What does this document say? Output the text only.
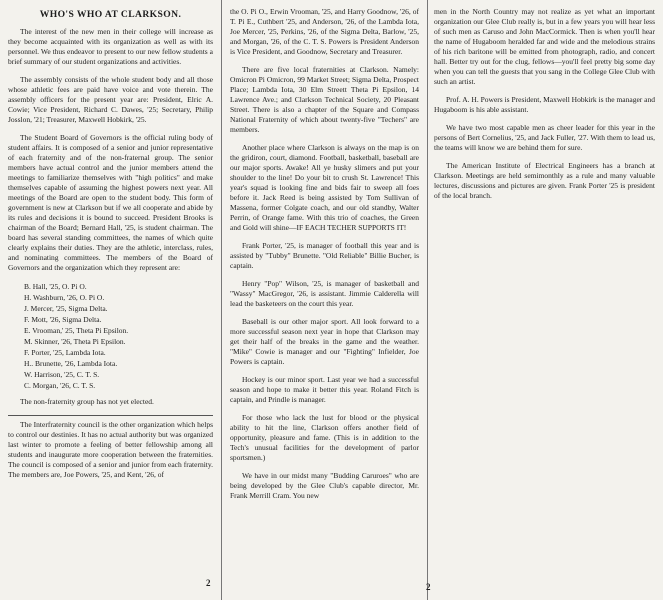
WHO'S WHO AT CLARKSON.

The interest of the new men in their college will increase as they become acquainted with its organization as well as with its personnel. We thus endeavor to present to our new fellow students a brief summary of our student organizations and activities.

The assembly consists of the whole student body and all those whose athletic fees are paid have voice and vote therein. The assembly officers for the present year are: President, Elric A. Cowie; Vice President, Richard C. Dawes, '25; Secretary, Philip Josslon, '21; Treasurer, Maxwell Hobkirk, '25.

The Student Board of Governors is the official ruling body of student affairs. It is composed of a senior and junior representative of each fraternity and of the non-fraternal group. The senior members have actual control and the junior members attend the meetings to familiarize themselves with "high politics" and make themselves capable of assuming the highest powers next year. All meetings of the Board are open to the student body. This form of government is new at Clarkson but if we all cooperate and abide by its rules and decisions it is bound to succeed. President Brooks is chairman of the Board; Bernard Hall, '25, is student chairman. The board has several standing committees, the names of which quite clearly explains their duties. They are the athletic, interclass, rules, and nominating committees. The members of the Board of Governors and the organization which they represent are:

B. Hall, '25, O. Pi O.
H. Washburn, '26, O. Pi O.
J. Mercer, '25, Sigma Delta.
F. Mott, '26, Sigma Delta.
E. Vrooman,' 25, Theta Pi Epsilon.
M. Skinner, '26, Theta Pi Epsilon.
F. Porter, '25, Lambda Iota.
H.. Brunette, '26, Lambda Iota.
W. Harrison, '25, C. T. S.
C. Morgan, '26, C. T. S.

The non-fraternity group has not yet elected.

The Interfraternity council is the other organization which helps to control our destinies. It has no actual authority but was organized last winter to promote a feeling of better fellowship among all students and inaugurate more cooperation between the fraternities. The council is composed of a senior and junior from each fraternity. The members are, Joe Powers, '25, and Kent, '26, of

the O. Pi O., Erwin Vrooman, '25, and Harry Goodnow, '26, of T. Pi E., Cuthbert '25, and Anderson, '26, of the Lambda Iota, Joe Mercer, '25, Perkins, '26, of the Sigma Delta, Barlow, '25, and Morgan, '26, of the C. T. S. Powers is President Anderson is Vice President, and Goodnow, Secretary and Treasurer.

There are five local fraternities at Clarkson. Namely: Omicron Pi Omicron, 99 Market Street; Sigma Delta, Prospect Place; Lambda Iota, 30 Elm Streett Theta Pi Epsilon, 14 Lawrence Ave.; and Clarkson Technical Society, 20 Pleasant Street. There is also a chapter of the Square and Compass National Fraternity of which about twenty-five "Techers" are members.

Another place where Clarkson is always on the map is on the gridiron, court, diamond. Football, basketball, baseball are our major sports. Awake! All ye husky slimers and put your shoulder to the line! Do your bit to crush St. Lawrence! This year's squad is looking fine and bids fair to sweep all foes before it. Jack Reed is being assisted by Tom Sullivan of Massena, former Colgate coach, and our old standby, Walter Perrin, of Orange fame. With this trio of coaches, the Green and Gold will shine—IF EACH TECHER SUPPORTS IT!

Frank Porter, '25, is manager of football this year and is assisted by "Tubby" Brunette. "Old Reliable" Billie Bucher, is captain.

Henry "Pop" Wilson, '25, is manager of basketball and "Wassy" MacGregor, '26, is assistant. Jimmie Calderella will lead the basketeers on the court this year.

Baseball is our other major sport. All look forward to a more successful season next year in hope that Clarkson may get their half of the breaks in the game and the weather. "Mike" Cowie is manager and our "Fighting" Infielder, Joe Powers is captain.

Hockey is our minor sport. Last year we had a successful season and hope to make it better this year. Roland Fitch is captain, and Prindle is manager.

For those who lack the lust for blood or the physical ability to hit the line, Clarkson offers another field of opportunity, pleasure and fame. (This is in addition to the Tech's unusual facilities for the development of parlor sportsmen.)

We have in our midst many "Budding Caruroes" who are being developed by the Glee Club's capable director, Mr. Frank Merrill Cram. You new

men in the North Country may not realize as yet what an important organization our Glee Club really is, but in a few years you will hear less of such men as Caruso and John MacCormick. Then is when you'll hear the name of Hugaboom heralded far and wide and the melodious strains of his rich baritone will be emitted from photograph, radio, and concert hall. Better try out for the clug, fellows—you'll feel pretty big some day when you can tell the guests that you sang in the College Glee Club with such an artist.

Prof. A. H. Powers is President, Maxwell Hobkirk is the manager and Hugaboom is his able assistant.

We have two most capable men as cheer leader for this year in the persons of Bert Cornelius, '25, and Jack Fuller, '27. With them to lead us, the teams will know we are behind them for sure.

The American Institute of Electrical Engineers has a branch at Clarkson. Meetings are held semimonthly as a rule and many valuable lectures, discussions and pictures are given. Frank Porter '25 is president of the local branch.

2	2
